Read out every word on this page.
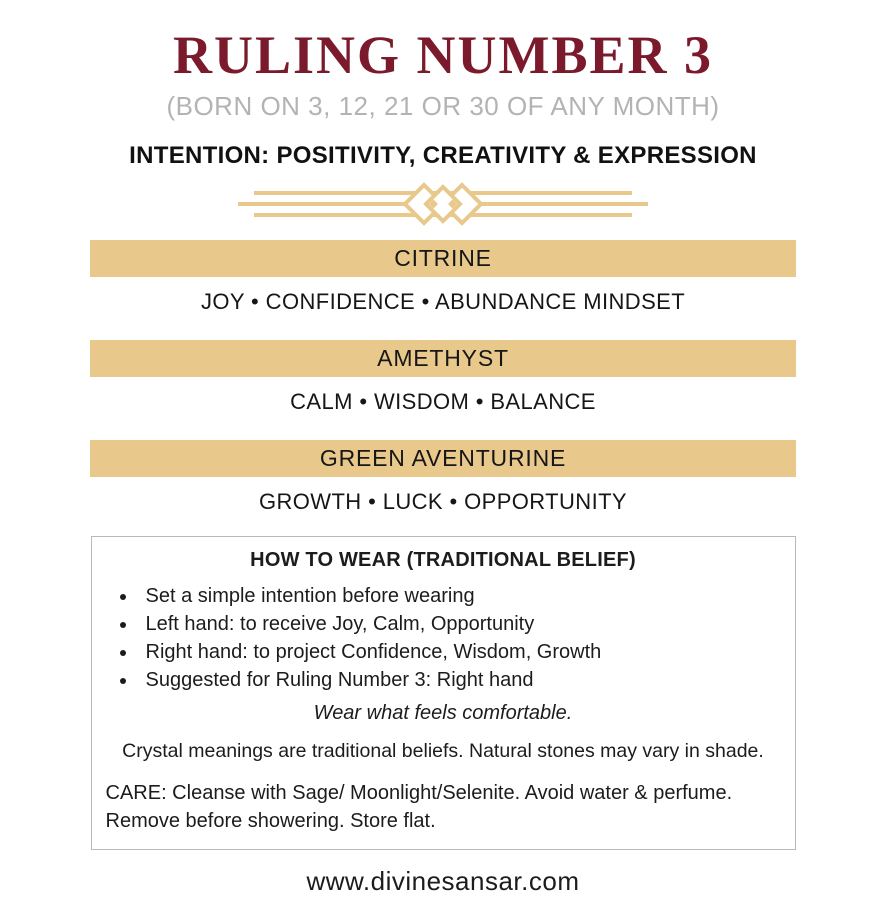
RULING NUMBER 3
(BORN ON 3, 12, 21 OR 30 OF ANY MONTH)
INTENTION: POSITIVITY, CREATIVITY & EXPRESSION
CITRINE
JOY • CONFIDENCE • ABUNDANCE MINDSET
AMETHYST
CALM • WISDOM • BALANCE
GREEN AVENTURINE
GROWTH • LUCK • OPPORTUNITY
HOW TO WEAR (TRADITIONAL BELIEF)
• Set a simple intention before wearing
• Left hand: to receive Joy, Calm, Opportunity
• Right hand: to project Confidence, Wisdom, Growth
• Suggested for Ruling Number 3: Right hand
Wear what feels comfortable.
Crystal meanings are traditional beliefs. Natural stones may vary in shade.
CARE: Cleanse with Sage/ Moonlight/Selenite. Avoid water & perfume. Remove before showering. Store flat.
www.divinesansar.com
